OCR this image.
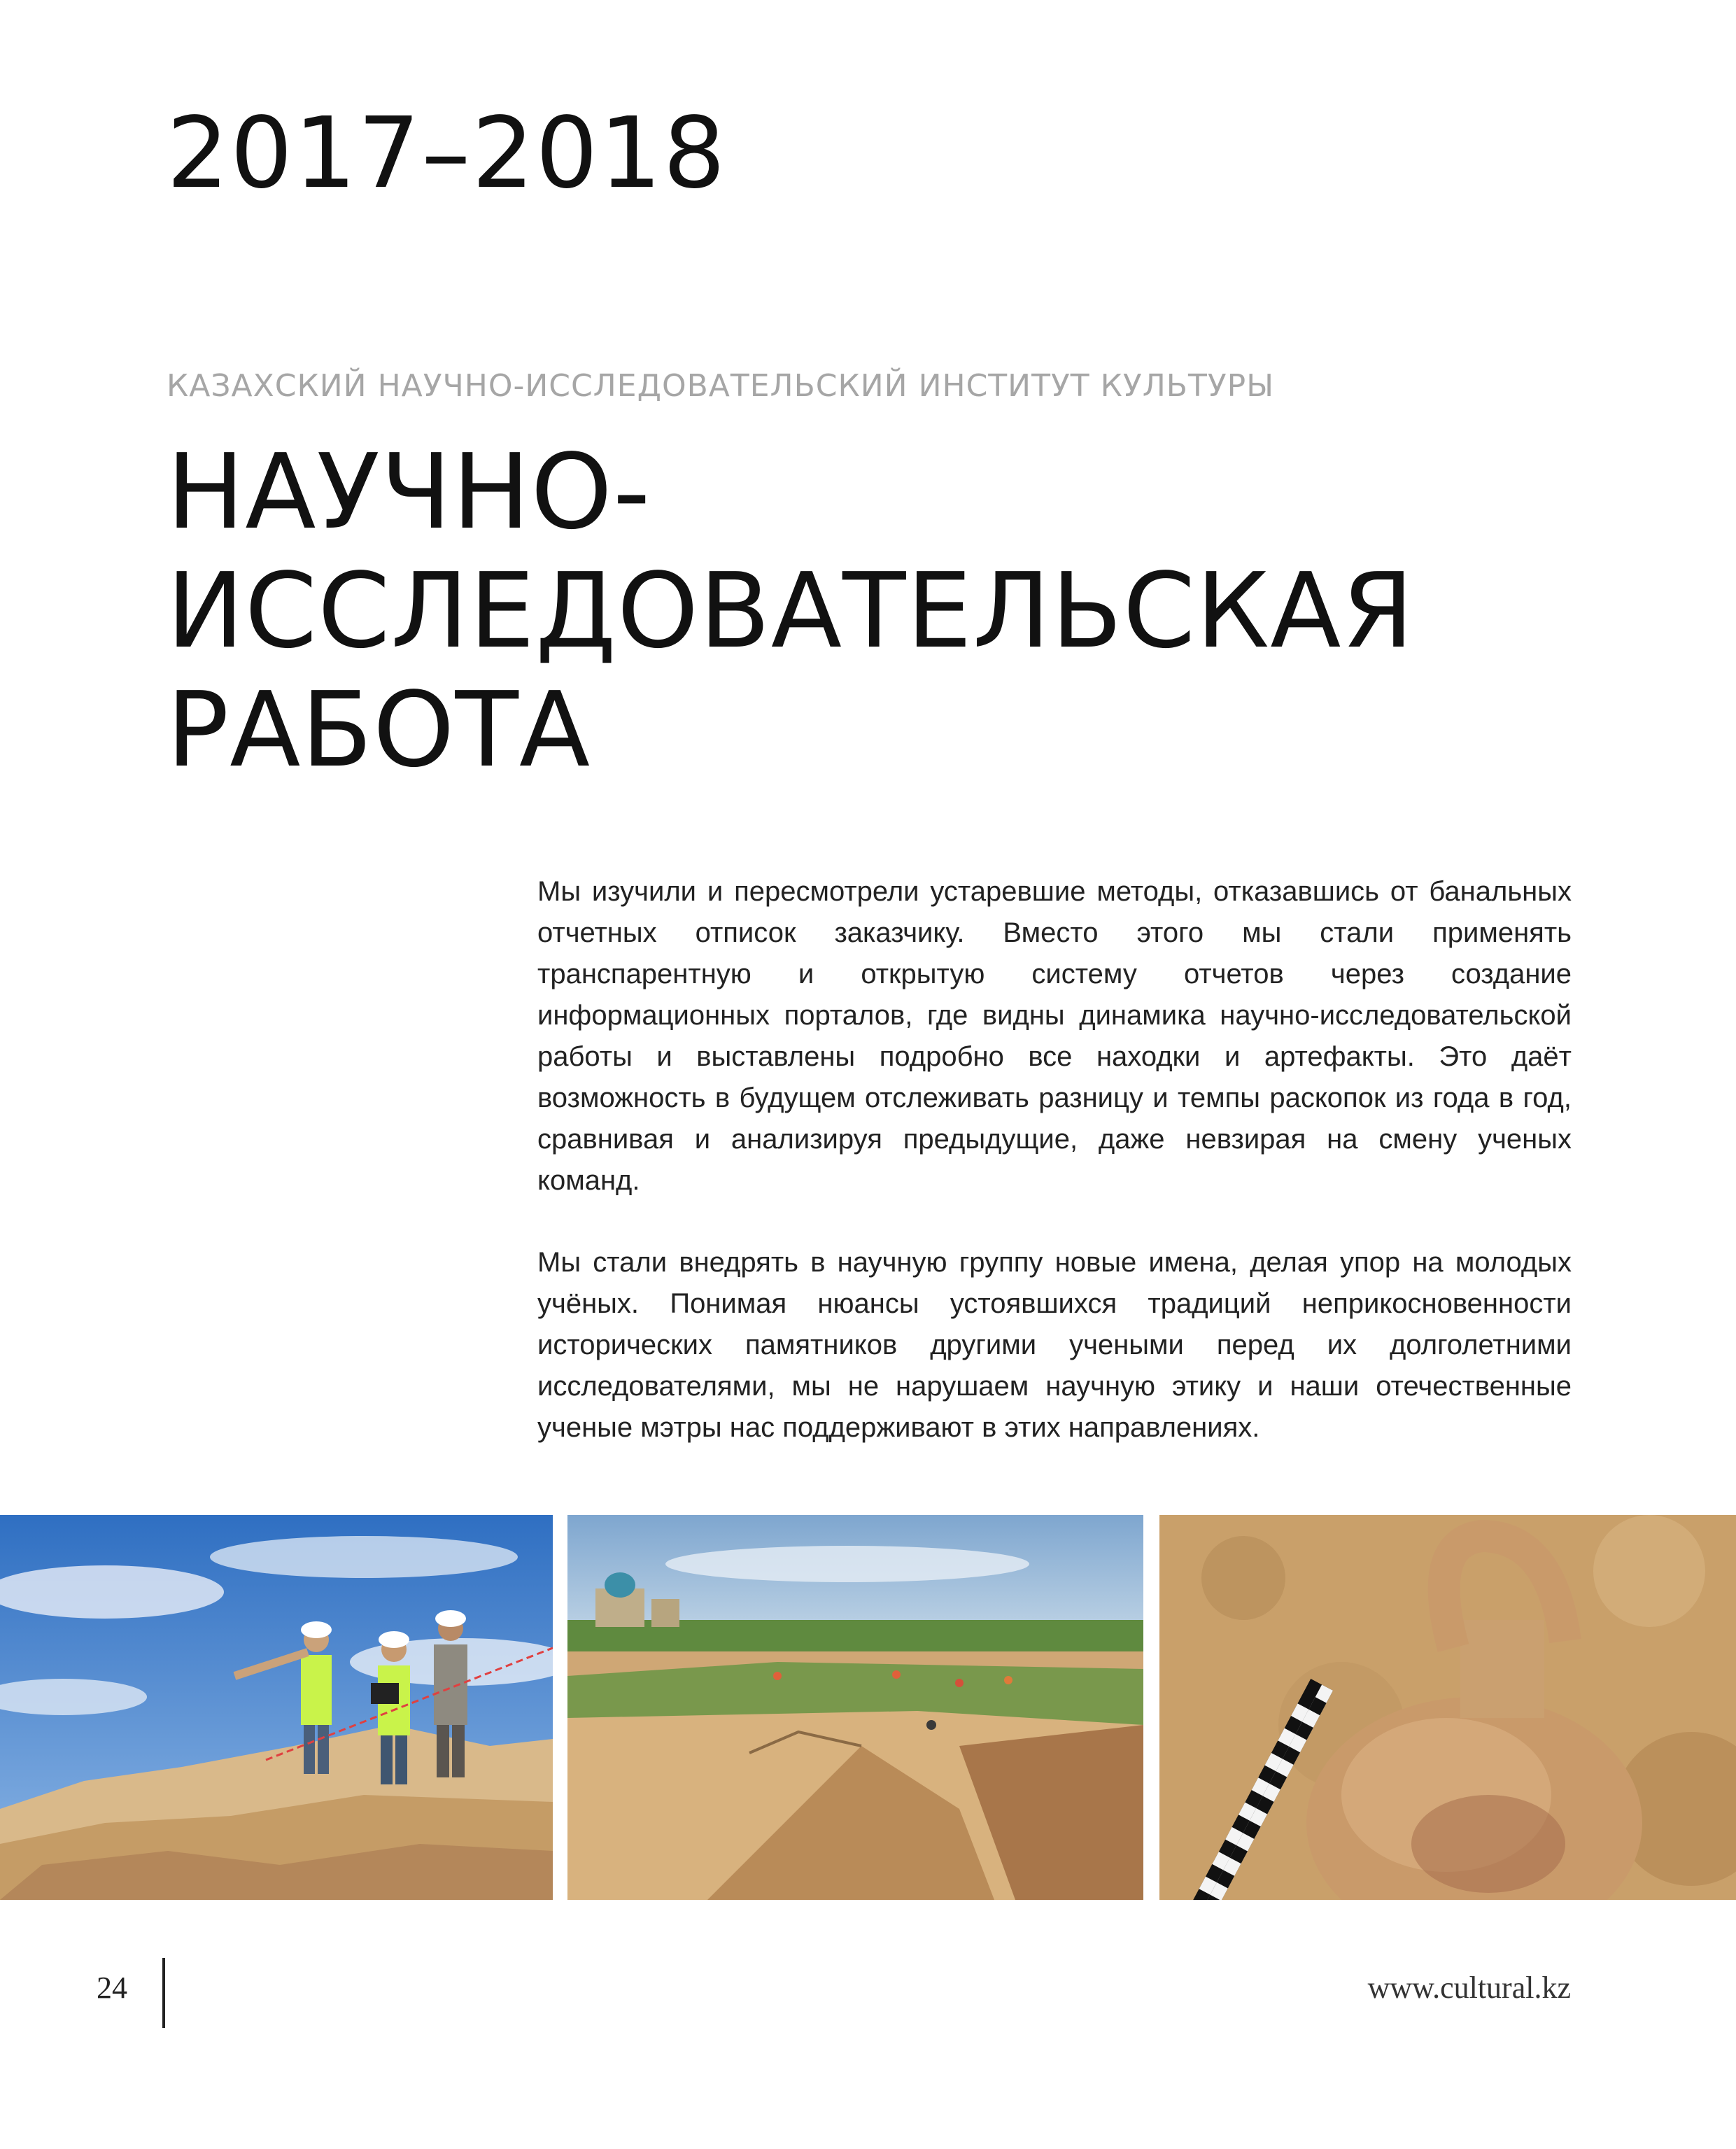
2017–2018
КАЗАХСКИЙ НАУЧНО-ИССЛЕДОВАТЕЛЬСКИЙ ИНСТИТУТ КУЛЬТУРЫ
НАУЧНО-
ИССЛЕДОВАТЕЛЬСКАЯ
РАБОТА

Мы изучили и пересмотрели устаревшие методы, отказавшись от банальных отчетных отписок заказчику. Вместо этого мы стали применять транспарентную и открытую систему отчетов через создание информационных порталов, где видны динамика научно-исследовательской работы и выставлены подробно все находки и артефакты. Это даёт возможность в будущем отслеживать разницу и темпы раскопок из года в год, сравнивая и анализируя предыдущие, даже невзирая на смену ученых команд.

Мы стали внедрять в научную группу новые имена, делая упор на молодых учёных. Понимая нюансы устоявшихся традиций неприкосновенности исторических памятников другими учеными перед их долголетними исследователями, мы не нарушаем научную этику и наши отечественные ученые мэтры нас поддерживают в этих направлениях.

24	www.cultural.kz
